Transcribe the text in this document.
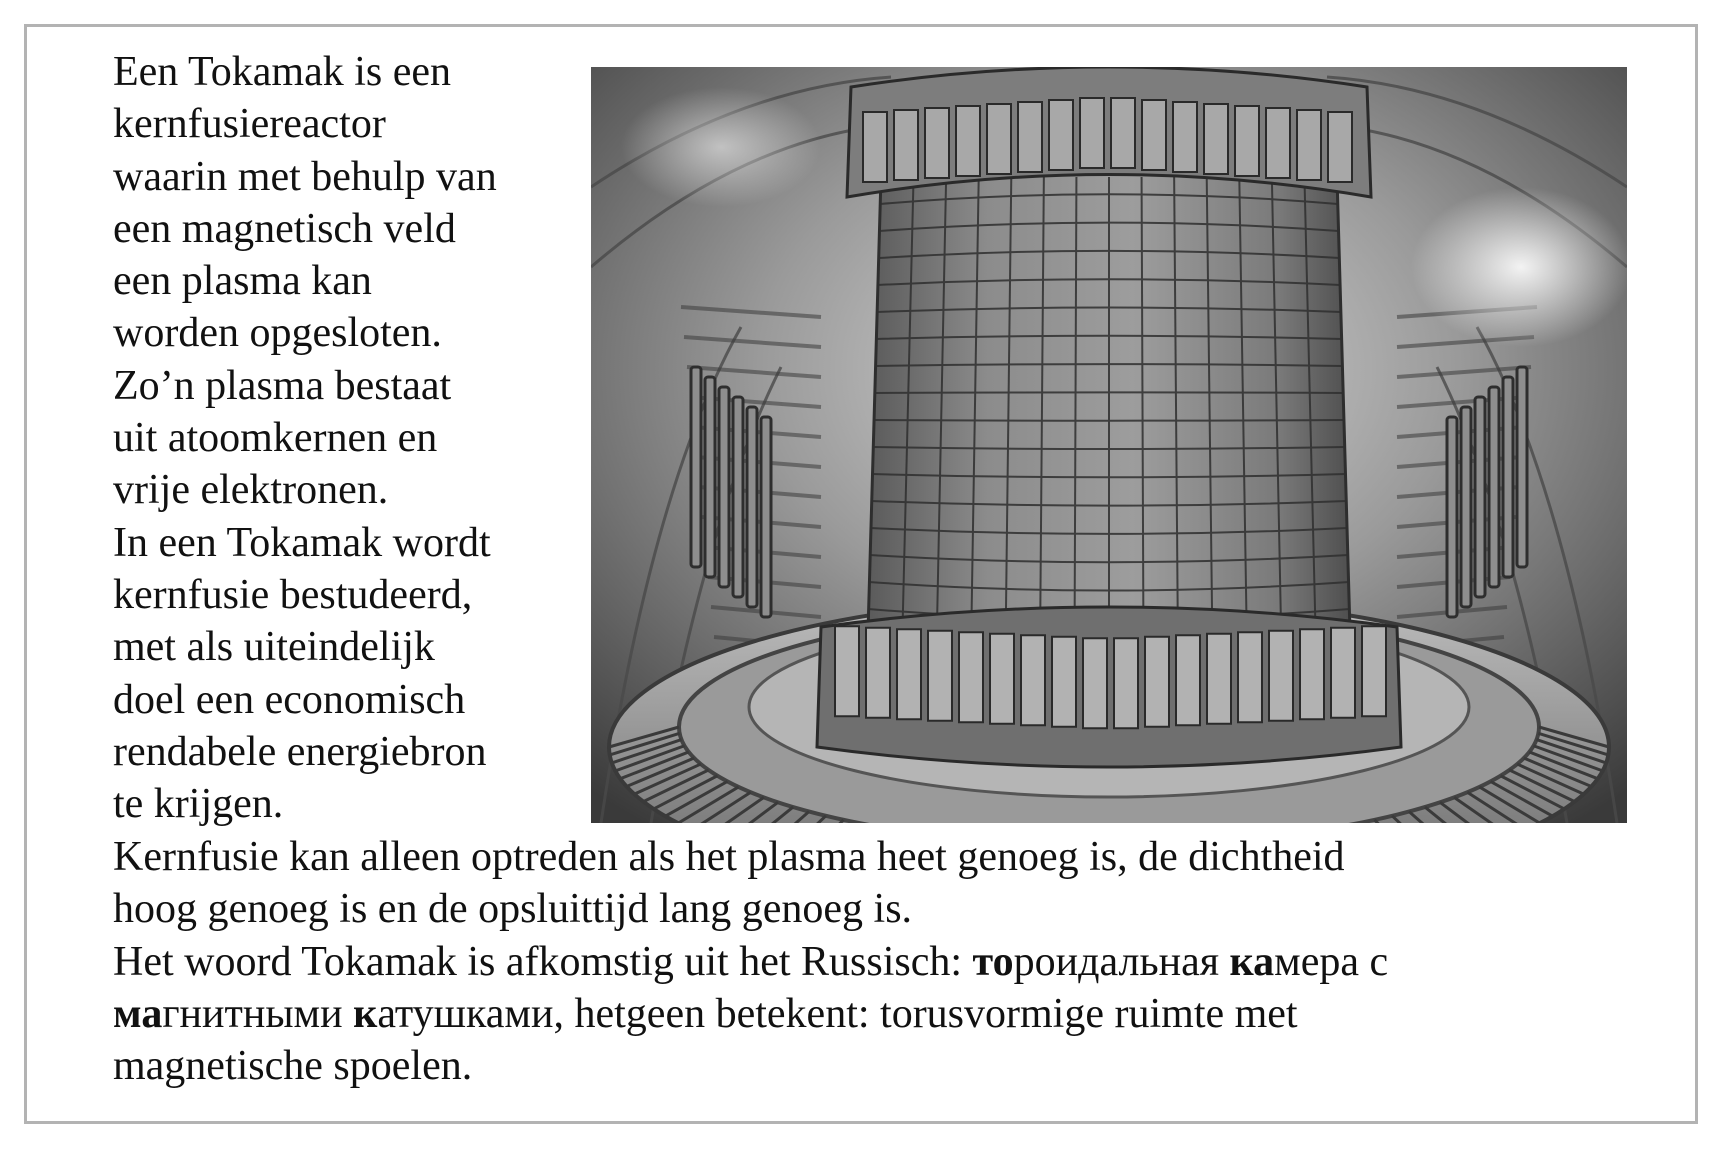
Een Tokamak is een
kernfusiereactor
waarin met behulp van
een magnetisch veld
een plasma kan
worden opgesloten.
Zo’n plasma bestaat
uit atoomkernen en
vrije elektronen.
In een Tokamak wordt
kernfusie bestudeerd,
met als uiteindelijk
doel een economisch
rendabele energiebron
te krijgen.
Kernfusie kan alleen optreden als het plasma heet genoeg is, de dichtheid
hoog genoeg is en de opsluittijd lang genoeg is.
Het woord Tokamak is afkomstig uit het Russisch: тороидальная камера с
магнитными катушками, hetgeen betekent: torusvormige ruimte met
magnetische spoelen.
